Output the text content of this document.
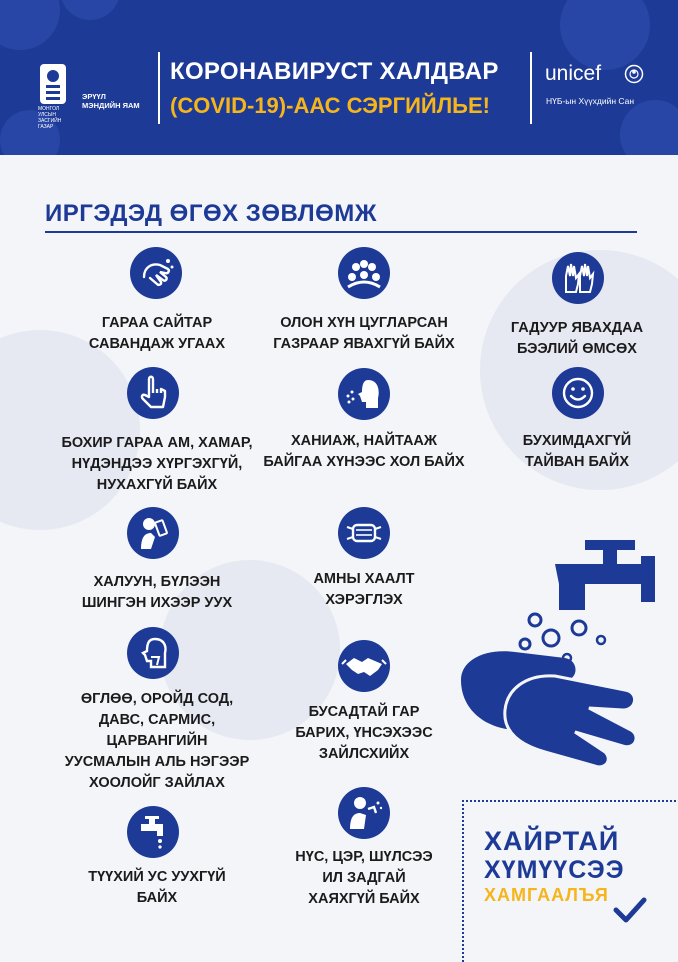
МОНГОЛ УЛСЫН ЗАСГИЙН ГАЗАР
ЭРҮҮЛ
МЭНДИЙН ЯАМ
КОРОНАВИРУСТ ХАЛДВАР
(COVID-19)-ААС СЭРГИЙЛЬЕ!
unicef
НҮБ-ын Хүүхдийн Сан
ИРГЭДЭД ӨГӨХ ЗӨВЛӨМЖ
ГАРАА САЙТАР
САВАНДАЖ УГААХ
ОЛОН ХҮН ЦУГЛАРСАН
ГАЗРААР ЯВАХГҮЙ БАЙХ
ГАДУУР ЯВАХДАА
БЭЭЛИЙ ӨМСӨХ
БОХИР ГАРАА АМ, ХАМАР,
НҮДЭНДЭЭ ХҮРГЭХГҮЙ,
НУХАХГҮЙ БАЙХ
ХАНИАЖ, НАЙТААЖ
БАЙГАА ХҮНЭЭС ХОЛ БАЙХ
БУХИМДАХГҮЙ
ТАЙВАН БАЙХ
ХАЛУУН, БҮЛЭЭН
ШИНГЭН ИХЭЭР УУХ
АМНЫ ХААЛТ
ХЭРЭГЛЭХ
ӨГЛӨӨ, ОРОЙД СОД,
ДАВС, САРМИС,
ЦАРВАНГИЙН
УУСМАЛЫН АЛЬ НЭГЭЭР
ХООЛОЙГ ЗАЙЛАХ
БУСАДТАЙ ГАР
БАРИХ, ҮНСЭХЭЭС
ЗАЙЛСХИЙХ
ТҮҮХИЙ УС УУХГҮЙ
БАЙХ
НҮС, ЦЭР, ШҮЛСЭЭ
ИЛ ЗАДГАЙ
ХАЯХГҮЙ БАЙХ
ХАЙРТАЙ
ХҮМҮҮСЭЭ
ХАМГААЛЪЯ
